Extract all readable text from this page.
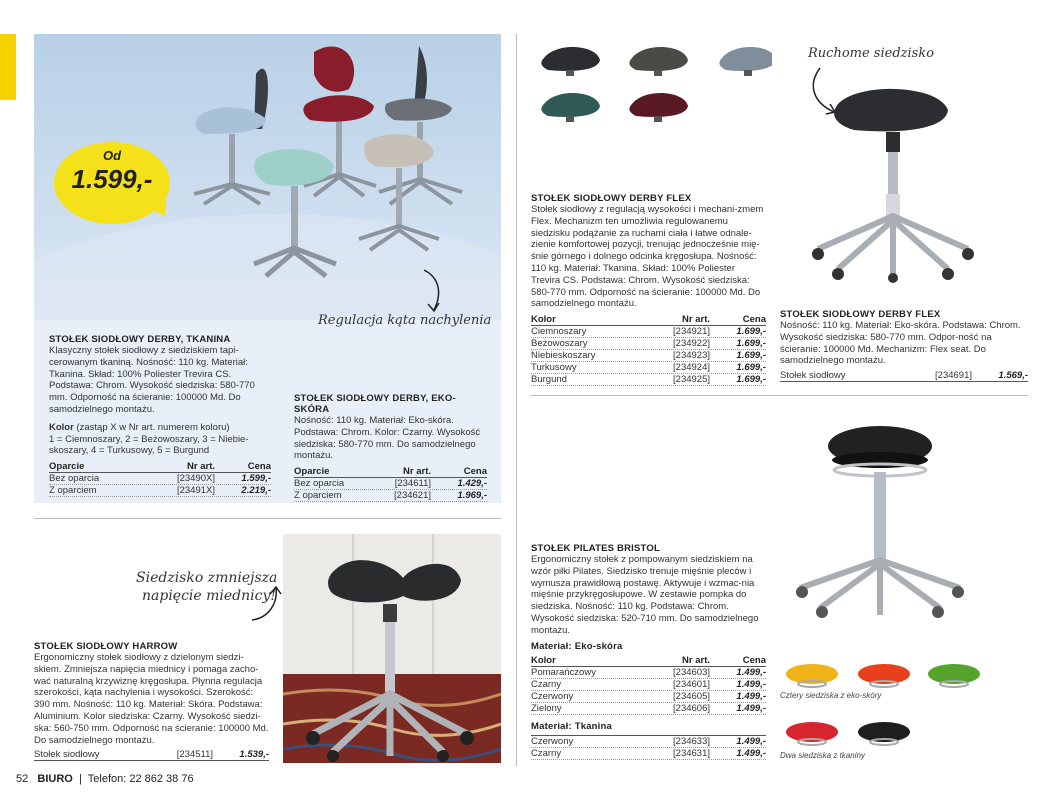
Od
1.599,-
Regulacja kąta nachylenia
STOŁEK SIODŁOWY DERBY, TKANINA
Klasyczny stołek siodłowy z siedziskiem tapi-cerowanym tkaniną. Nośność: 110 kg. Materiał: Tkanina. Skład: 100% Poliester Trevira CS. Podstawa: Chrom. Wysokość siedziska: 580-770 mm. Odporność na ścieranie: 100000 Md. Do samodzielnego montażu.
Kolor (zastąp X w Nr art. numerem koloru)
1 = Ciemnoszary, 2 = Beżowoszary, 3 = Niebie-skoszary, 4 = Turkusowy, 5 = Burgund
Oparcie	Nr art.	Cena
Bez oparcia	[23490X]	1.599,-
Z oparciem	[23491X]	2.219,-
STOŁEK SIODŁOWY DERBY, EKO-SKÓRA
Nośność: 110 kg. Materiał: Eko-skóra. Podstawa: Chrom. Kolor: Czarny. Wysokość siedziska: 580-770 mm. Do samodzielnego montażu.
Oparcie	Nr art.	Cena
Bez oparcia	[234611]	1.429,-
Z oparciem	[234621]	1.969,-
STOŁEK SIODŁOWY DERBY FLEX
Stołek siodłowy z regulacją wysokości i mechani-zmem Flex. Mechanizm ten umożliwia regulowanemu siedzisku podążanie za ruchami ciała i łatwe odnale-zienie komfortowej pozycji, trenując jednocześnie mię-śnie górnego i dolnego odcinka kręgosłupa. Nośność: 110 kg. Materiał: Tkanina. Skład: 100% Poliester Trevira CS. Podstawa: Chrom. Wysokość siedziska: 580-770 mm. Odporność na ścieranie: 100000 Md. Do samodzielnego montażu.
Kolor	Nr art.	Cena
Ciemnoszary	[234921]	1.699,-
Beżowoszary	[234922]	1.699,-
Niebieskoszary	[234923]	1.699,-
Turkusowy	[234924]	1.699,-
Burgund	[234925]	1.699,-
Ruchome siedzisko
STOŁEK SIODŁOWY DERBY FLEX
Nośność: 110 kg. Materiał: Eko-skóra. Podstawa: Chrom. Wysokość siedziska: 580-770 mm. Odpor-ność na ścieranie: 100000 Md. Mechanizm: Flex seat. Do samodzielnego montażu.
Stołek siodłowy	[234691]	1.569,-
Siedzisko zmniejsza
napięcie miednicy!
STOŁEK SIODŁOWY HARROW
Ergonomiczny stołek siodłowy z dzielonym siedzi-skiem. Zmniejsza napięcia miednicy i pomaga zacho-wać naturalną krzywiznę kręgosłupa. Płynna regulacja szerokości, kąta nachylenia i wysokości. Szerokość: 390 mm. Nośność: 110 kg. Materiał: Skóra. Podstawa: Aluminium. Kolor siedziska: Czarny. Wysokość siedzi-ska: 560-750 mm. Odporność na ścieranie: 100000 Md. Do samodzielnego montażu.
Stołek siodłowy	[234511]	1.539,-
STOŁEK PILATES BRISTOL
Ergonomiczny stołek z pompowanym siedziskiem na wzór piłki Pilates. Siedzisko trenuje mięśnie pleców i wymusza prawidłową postawę. Aktywuje i wzmac-nia mięśnie przykręgosłupowe. W zestawie pompka do siedziska. Nośność: 110 kg. Podstawa: Chrom. Wysokość siedziska: 520-710 mm. Do samodzielnego montażu.
Materiał: Eko-skóra
Kolor	Nr art.	Cena
Pomarańczowy	[234603]	1.499,-
Czarny	[234601]	1.499,-
Czerwony	[234605]	1.499,-
Zielony	[234606]	1.499,-
Materiał: Tkanina
Czerwony	[234633]	1.499,-
Czarny	[234631]	1.499,-
Cztery siedziska z eko-skóry
Dwa siedziska z tkaniny
52 BIURO  |  Telefon: 22 862 38 76
